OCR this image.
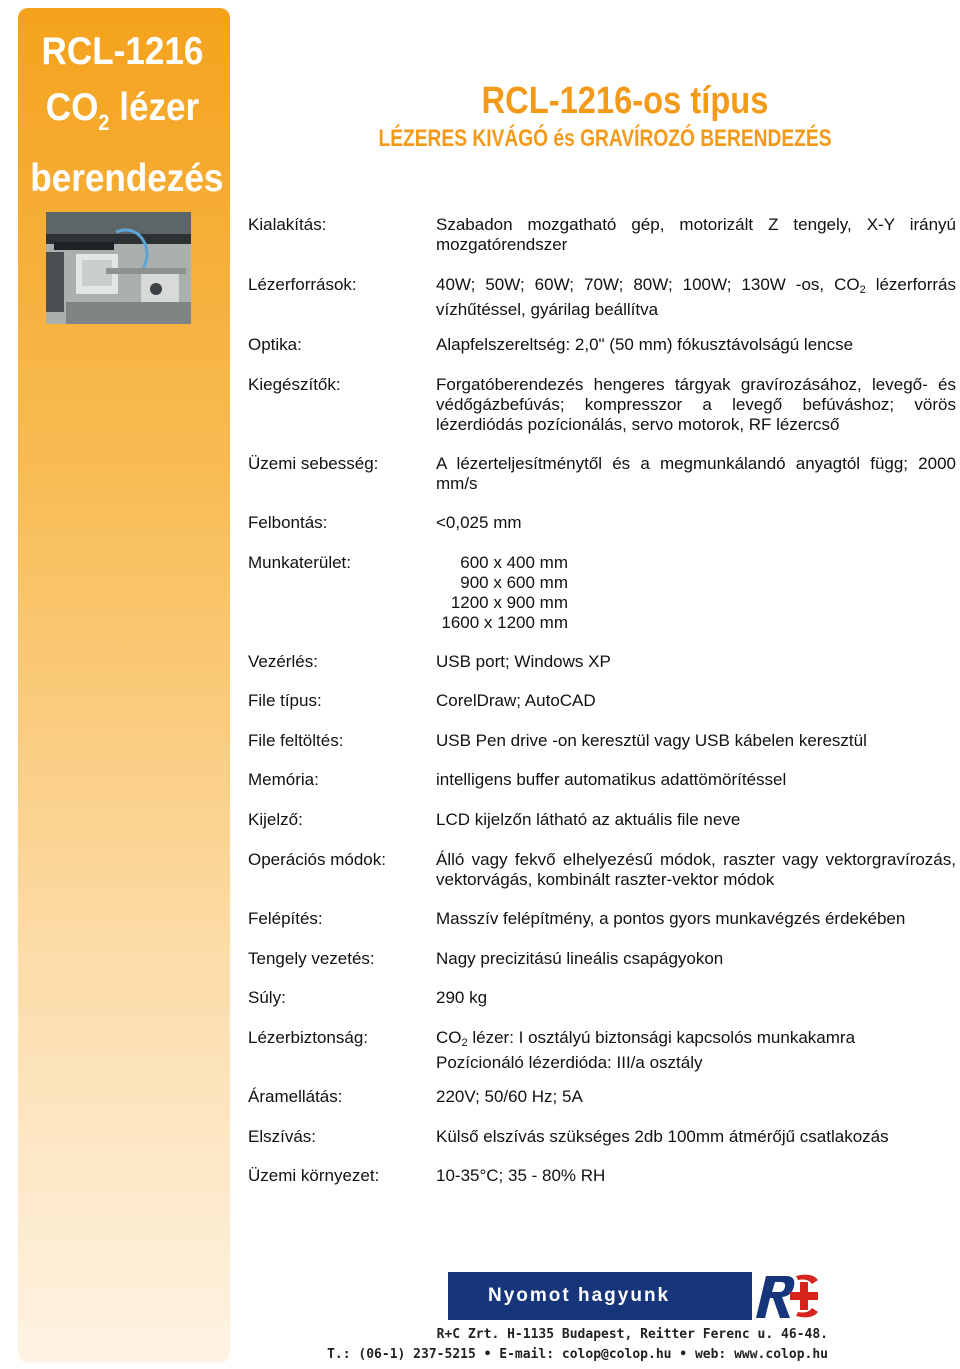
RCL-1216
$CO_2$ lézer
berendezés
RCL-1216-os típus
LÉZERES KIVÁGÓ és GRAVÍROZÓ BERENDEZÉS
Kialakítás:	Szabadon mozgatható gép, motorizált Z tengely, X-Y irányú mozgatórendszer
Lézerforrások:	40W; 50W; 60W; 70W; 80W; 100W; 130W -os, CO2 lézerforrás vízhűtéssel, gyárilag beállítva
Optika:	Alapfelszereltség: 2,0" (50 mm) fókusztávolságú lencse
Kiegészítők:	Forgatóberendezés hengeres tárgyak gravírozásához, levegő- és védőgázbefúvás; kompresszor a levegő befúváshoz; vörös lézerdiódás pozícionálás, servo motorok, RF lézercső
Üzemi sebesség:	A lézerteljesítménytől és a megmunkálandó anyagtól függ; 2000 mm/s
Felbontás:	<0,025 mm
Munkaterület:	600 x 400 mm
900 x 600 mm
1200 x 900 mm
1600 x 1200 mm
Vezérlés:	USB port; Windows XP
File típus:	CorelDraw; AutoCAD
File feltöltés:	USB Pen drive -on keresztül vagy USB kábelen keresztül
Memória:	intelligens buffer automatikus adattömörítéssel
Kijelző:	LCD kijelzőn látható az aktuális file neve
Operációs módok:	Álló vagy fekvő elhelyezésű módok, raszter vagy vektorgravírozás, vektorvágás, kombinált raszter-vektor módok
Felépítés:	Masszív felépítmény, a pontos gyors munkavégzés érdekében
Tengely vezetés:	Nagy precizitású lineális csapágyokon
Súly:	290 kg
Lézerbiztonság:	CO2 lézer: I osztályú biztonsági kapcsolós munkakamra
Pozícionáló lézerdióda: III/a osztály
Áramellátás:	220V; 50/60 Hz; 5A
Elszívás:	Külső elszívás szükséges 2db 100mm átmérőjű csatlakozás
Üzemi környezet:	10-35°C; 35 - 80% RH
Nyomot hagyunk
R+C Zrt. H-1135 Budapest, Reitter Ferenc u. 46-48.
T.: (06-1) 237-5215 • E-mail: colop@colop.hu • web: www.colop.hu
